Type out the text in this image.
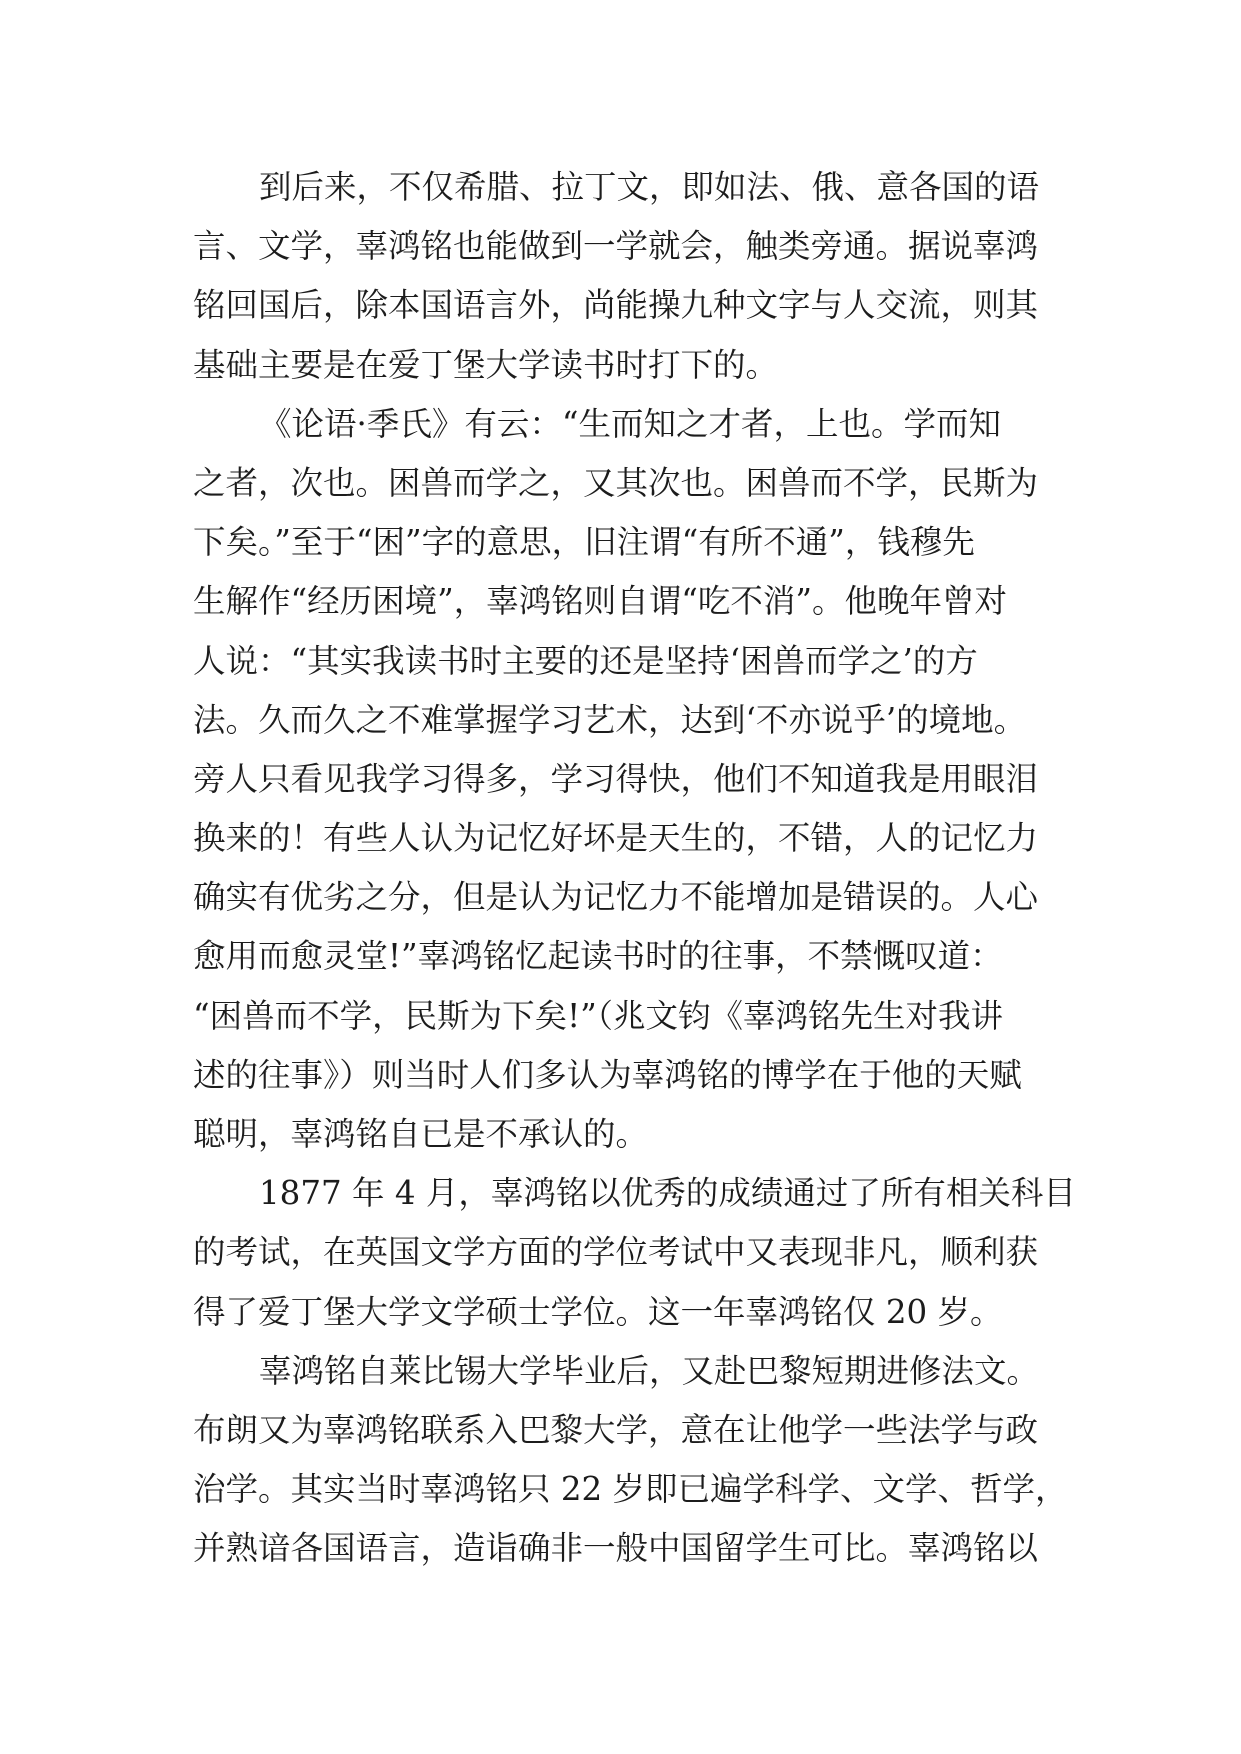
到后来，不仅希腊、拉丁文，即如法、俄、意各国的语
言、文学，辜鸿铭也能做到一学就会，触类旁通。据说辜鸿
铭回国后，除本国语言外，尚能操九种文字与人交流，则其
基础主要是在爱丁堡大学读书时打下的。
《论语·季氏》有云：“生而知之才者，上也。学而知
之者，次也。困兽而学之，又其次也。困兽而不学，民斯为
下矣。”至于“困”字的意思，旧注谓“有所不通”，钱穆先
生解作“经历困境”，辜鸿铭则自谓“吃不消”。他晚年曾对
人说：“其实我读书时主要的还是坚持‘困兽而学之’的方
法。久而久之不难掌握学习艺术，达到‘不亦说乎’的境地。
旁人只看见我学习得多，学习得快，他们不知道我是用眼泪
换来的！有些人认为记忆好坏是天生的，不错，人的记忆力
确实有优劣之分，但是认为记忆力不能增加是错误的。人心
愈用而愈灵堂!”辜鸿铭忆起读书时的往事，不禁慨叹道：
“困兽而不学，民斯为下矣!”（兆文钧《辜鸿铭先生对我讲
述的往事》）则当时人们多认为辜鸿铭的博学在于他的天赋
聪明，辜鸿铭自已是不承认的。
1877 年 4 月，辜鸿铭以优秀的成绩通过了所有相关科目
的考试，在英国文学方面的学位考试中又表现非凡，顺利获
得了爱丁堡大学文学硕士学位。这一年辜鸿铭仅 20 岁。
辜鸿铭自莱比锡大学毕业后，又赴巴黎短期进修法文。
布朗又为辜鸿铭联系入巴黎大学，意在让他学一些法学与政
治学。其实当时辜鸿铭只 22 岁即已遍学科学、文学、哲学，
并熟谙各国语言，造诣确非一般中国留学生可比。辜鸿铭以
